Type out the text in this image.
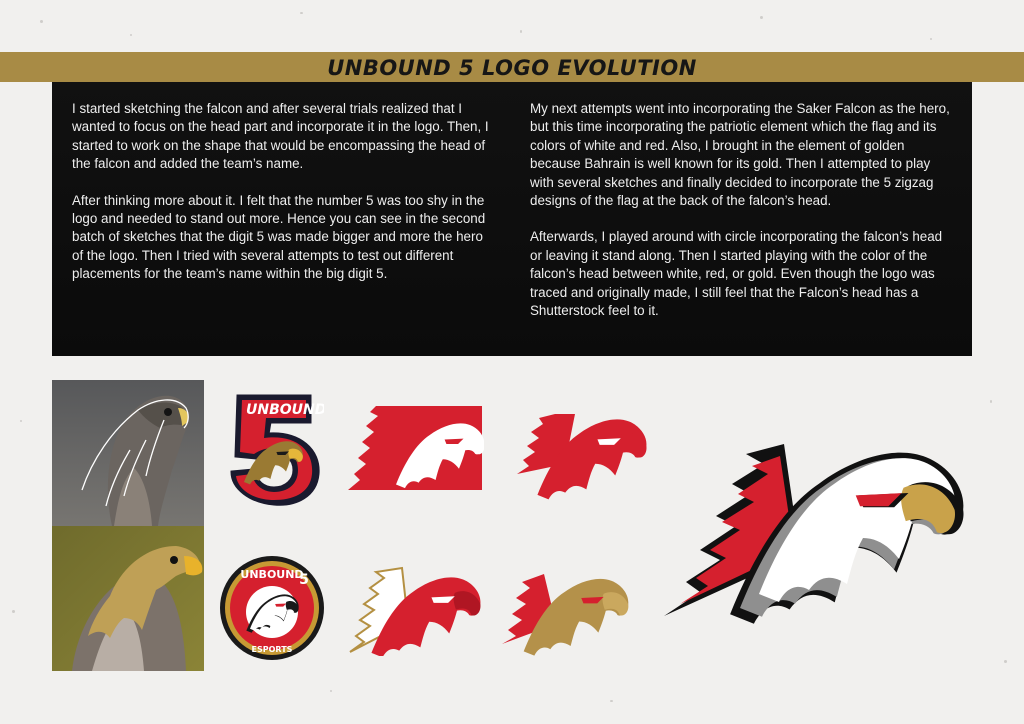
UNBOUND 5 LOGO EVOLUTION

I started sketching the falcon and after several trials realized that I wanted to focus on the head part and incorporate it in the logo. Then, I started to work on the shape that would be encompassing the head of the falcon and added the team’s name.

After thinking more about it. I felt that the number 5 was too shy in the logo and needed to stand out more. Hence you can see in the second batch of sketches that the digit 5 was made bigger and more the hero of the logo. Then I tried with several attempts to test out different placements for the team’s name within the big digit 5.

My next attempts went into incorporating the Saker Falcon as the hero, but this time incorporating the patriotic element which the flag and its colors of white and red. Also, I brought in the element of golden because Bahrain is well known for its gold. Then I attempted to play with several sketches and finally decided to incorporate the 5 zigzag designs of the flag at the back of the falcon’s head.

Afterwards, I played around with circle incorporating the falcon’s head or leaving it stand along. Then I started playing with the color of the falcon’s head between white, red, or gold. Even though the logo was traced and originally made, I still feel that the Falcon’s head has a Shutterstock feel to it.

UNBOUND
UNBOUND
5
ESPORTS
